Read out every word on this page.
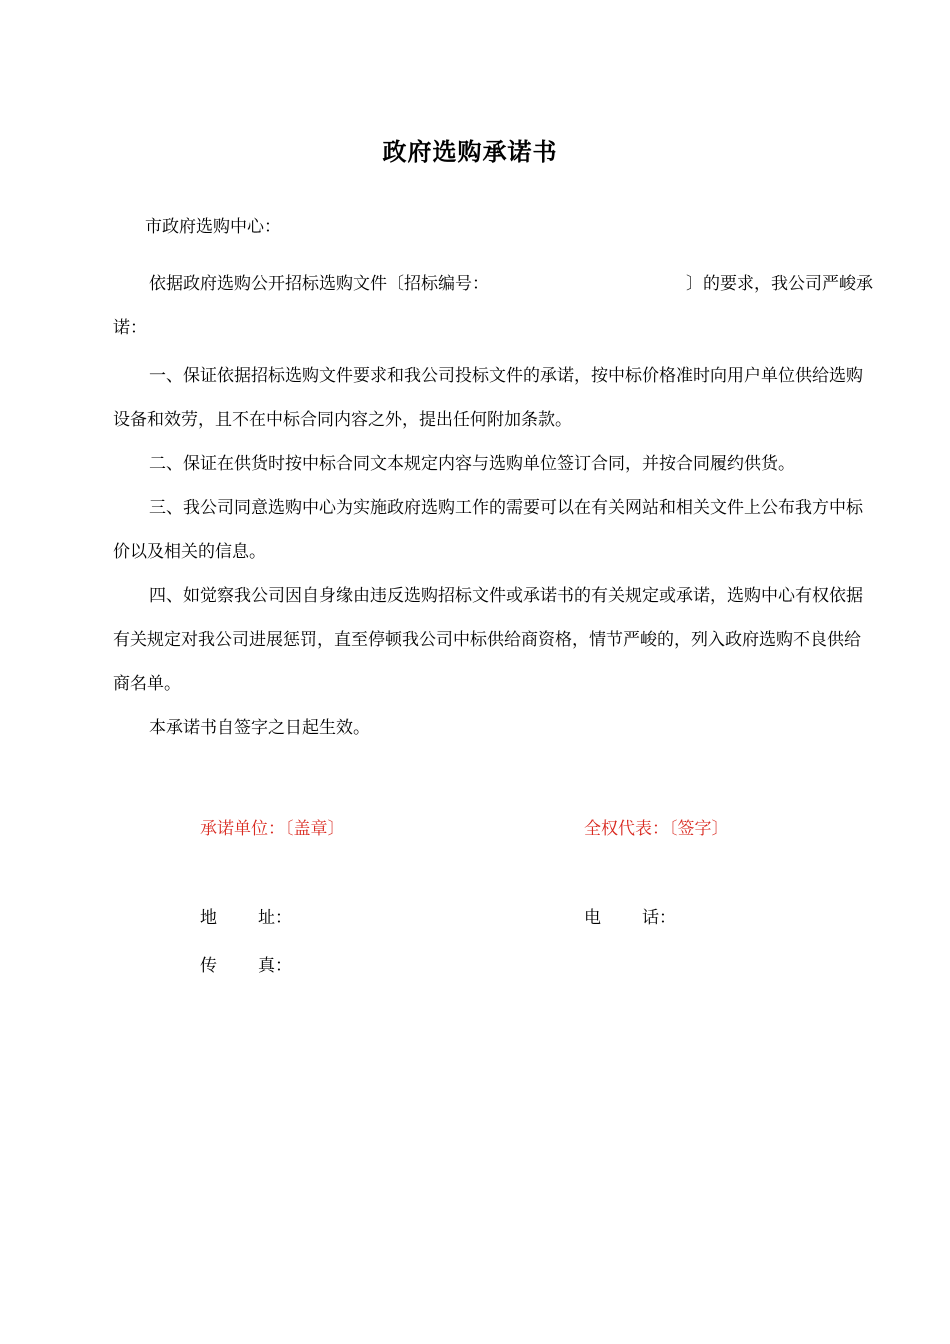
政府选购承诺书
市政府选购中心：
依据政府选购公开招标选购文件〔招标编号：	〕的要求，我公司严峻承
诺：

一、保证依据招标选购文件要求和我公司投标文件的承诺，按中标价格准时向用户单位供给选购设备和效劳，且不在中标合同内容之外，提出任何附加条款。

二、保证在供货时按中标合同文本规定内容与选购单位签订合同，并按合同履约供货。

三、我公司同意选购中心为实施政府选购工作的需要可以在有关网站和相关文件上公布我方中标价以及相关的信息。

四、如觉察我公司因自身缘由违反选购招标文件或承诺书的有关规定或承诺，选购中心有权依据有关规定对我公司进展惩罚，直至停顿我公司中标供给商资格，情节严峻的，列入政府选购不良供给商名单。

本承诺书自签字之日起生效。

承诺单位：〔盖章〕	全权代表：〔签字〕
地 址：	电 话：
传 真：
